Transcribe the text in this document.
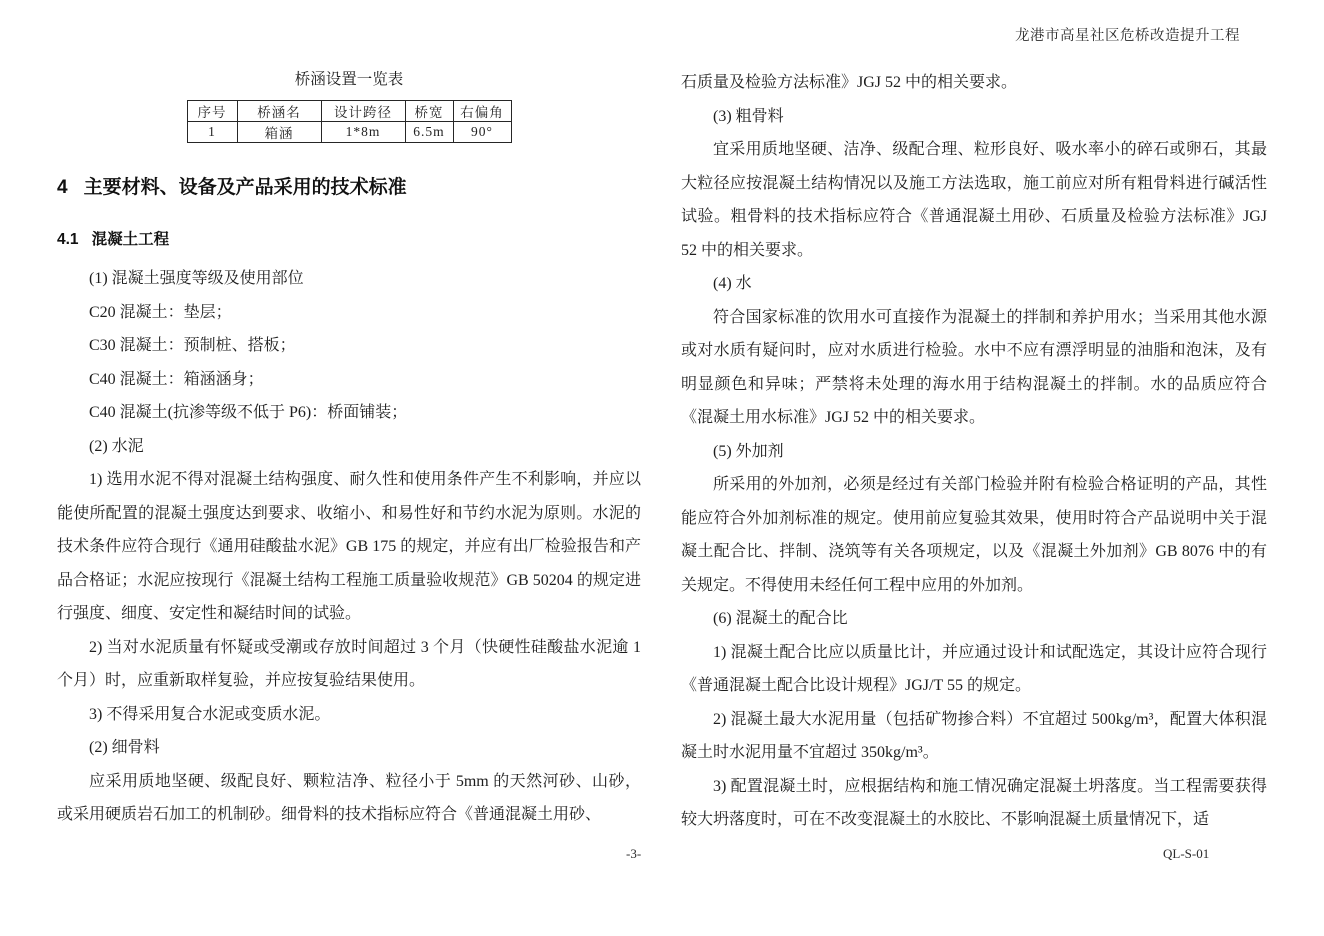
龙港市高星社区危桥改造提升工程
桥涵设置一览表
序号	桥涵名	设计跨径	桥宽	右偏角
1	箱涵	1*8m	6.5m	90°
4 主要材料、设备及产品采用的技术标准
4.1 混凝土工程

(1) 混凝土强度等级及使用部位

C20 混凝土：垫层；

C30 混凝土：预制桩、搭板；

C40 混凝土：箱涵涵身；

C40 混凝土(抗渗等级不低于 P6)：桥面铺装；

(2) 水泥

1) 选用水泥不得对混凝土结构强度、耐久性和使用条件产生不利影响，并应以能使所配置的混凝土强度达到要求、收缩小、和易性好和节约水泥为原则。水泥的技术条件应符合现行《通用硅酸盐水泥》GB 175 的规定，并应有出厂检验报告和产品合格证；水泥应按现行《混凝土结构工程施工质量验收规范》GB 50204 的规定进行强度、细度、安定性和凝结时间的试验。

2) 当对水泥质量有怀疑或受潮或存放时间超过 3 个月（快硬性硅酸盐水泥逾 1 个月）时，应重新取样复验，并应按复验结果使用。

3) 不得采用复合水泥或变质水泥。

(2) 细骨料

应采用质地坚硬、级配良好、颗粒洁净、粒径小于 5mm 的天然河砂、山砂，或采用硬质岩石加工的机制砂。细骨料的技术指标应符合《普通混凝土用砂、

石质量及检验方法标准》JGJ 52 中的相关要求。

(3) 粗骨料

宜采用质地坚硬、洁净、级配合理、粒形良好、吸水率小的碎石或卵石，其最大粒径应按混凝土结构情况以及施工方法选取，施工前应对所有粗骨料进行碱活性试验。粗骨料的技术指标应符合《普通混凝土用砂、石质量及检验方法标准》JGJ 52 中的相关要求。

(4) 水

符合国家标准的饮用水可直接作为混凝土的拌制和养护用水；当采用其他水源或对水质有疑问时，应对水质进行检验。水中不应有漂浮明显的油脂和泡沫，及有明显颜色和异味；严禁将未处理的海水用于结构混凝土的拌制。水的品质应符合《混凝土用水标准》JGJ 52 中的相关要求。

(5) 外加剂

所采用的外加剂，必须是经过有关部门检验并附有检验合格证明的产品，其性能应符合外加剂标准的规定。使用前应复验其效果，使用时符合产品说明中关于混凝土配合比、拌制、浇筑等有关各项规定，以及《混凝土外加剂》GB 8076 中的有关规定。不得使用未经任何工程中应用的外加剂。

(6) 混凝土的配合比

1) 混凝土配合比应以质量比计，并应通过设计和试配选定，其设计应符合现行《普通混凝土配合比设计规程》JGJ/T 55 的规定。

2) 混凝土最大水泥用量（包括矿物掺合料）不宜超过 500kg/m³，配置大体积混凝土时水泥用量不宜超过 350kg/m³。

3) 配置混凝土时，应根据结构和施工情况确定混凝土坍落度。当工程需要获得较大坍落度时，可在不改变混凝土的水胶比、不影响混凝土质量情况下，适

-3-	QL-S-01
